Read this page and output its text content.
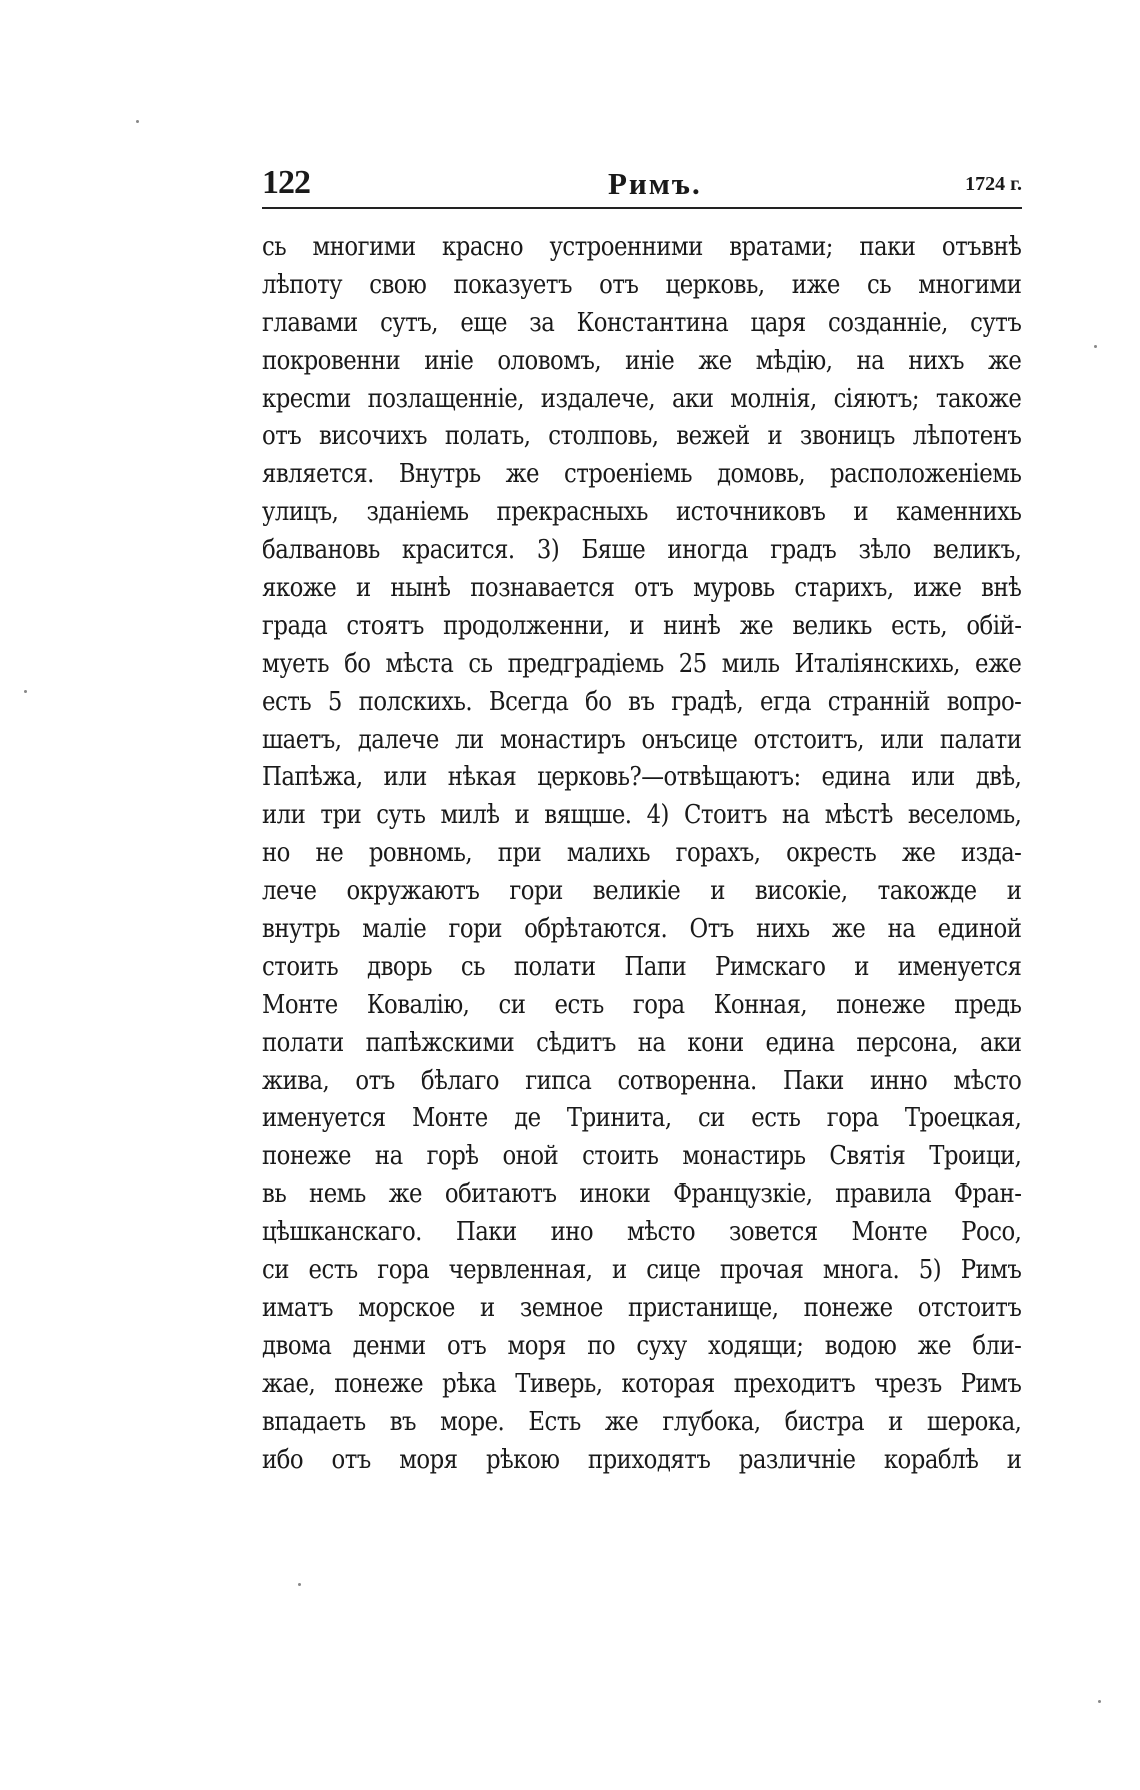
122	Римъ.	1724 г.
сь многими красно устроенними вратами; паки отъвнѣ
лѣпоту свою показуетъ отъ церковь, иже сь многими
главами сутъ, еще за Константина царя созданніе, сутъ
покровенни иніе оловомъ, иніе же мѣдію, на нихъ же
кресmи позлащенніе, издалече, аки молнія, сіяютъ; такоже
отъ височихъ полать, столповь, вежей и звоницъ лѣпотенъ
является. Внутрь же строеніемь домовь, расположеніемь
улицъ, зданіемь прекрасныхь источниковъ и каменнихь
балвановь красится. 3) Бяше иногда градъ зѣло великъ,
якоже и нынѣ познавается отъ муровь старихъ, иже внѣ
града стоятъ продолженни, и нинѣ же великь есть, обій-
муеть бо мѣста сь предградіемь 25 миль Италіянскихь, еже
есть 5 полскихь. Всегда бо въ градѣ, егда странній вопро-
шаетъ, далече ли монастиръ онъсице отстоитъ, или палати
Папѣжа, или нѣкая церковь?—отвѣщаютъ: едина или двѣ,
или три суть милѣ и вящше. 4) Стоитъ на мѣстѣ веселомь,
но не ровномь, при малихь горахъ, окресть же изда-
лече окружаютъ гори великіе и високіе, такожде и
внутрь маліе гори обрѣтаются. Отъ нихь же на единой
стоить дворь сь полати Папи Римскаго и именуется
Монте Ковалію, си есть гора Конная, понеже предь
полати папѣжскими сѣдитъ на кони едина персона, аки
жива, отъ бѣлаго гипса сотворенна. Паки инно мѣсто
именуется Монте де Тринита, си есть гора Троецкая,
понеже на горѣ оной стоить монастирь Святія Троици,
вь немь же обитаютъ иноки Французкіе, правила Фран-
цѣшканскаго. Паки ино мѣсто зовется Монте Росо,
си есть гора червленная, и сице прочая многа. 5) Римъ
иматъ морское и земное пристанище, понеже отстоитъ
двома денми отъ моря по суху ходящи; водою же бли-
жае, понеже рѣка Тиверь, которая преходитъ чрезъ Римъ
впадаеть въ море. Есть же глубока, бистра и шерока,
ибо отъ моря рѣкою приходятъ различніе кораблѣ и
